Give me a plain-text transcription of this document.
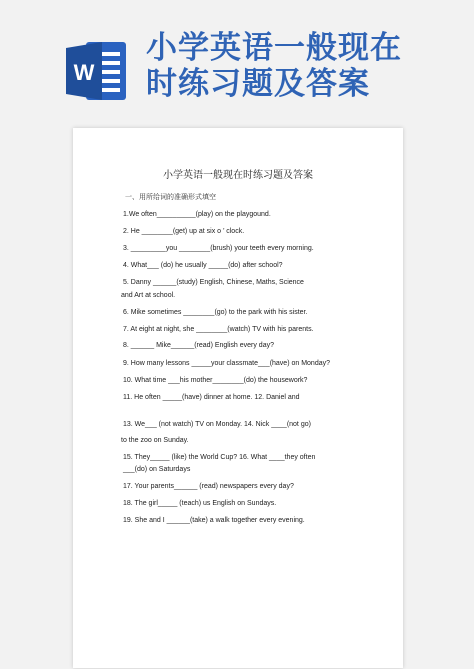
W
小学英语一般现在
时练习题及答案
小学英语一般现在时练习题及答案
一、用所给词的准确形式填空
1.We often__________(play) on the playgound.
2. He ________(get) up at six o ’ clock.
3. _________you ________(brush) your teeth every morning.
4. What___ (do) he usually _____(do) after school?
5. Danny ______(study) English, Chinese, Maths, Science
and Art at school.
6. Mike sometimes ________(go) to the park with his sister.
7. At eight at night, she ________(watch) TV with his parents.
8. ______ Mike______(read) English every day?
9. How many lessons _____your classmate___(have) on Monday?
10. What time ___his mother________(do) the housework?
11. He often _____(have) dinner at home. 12. Daniel and
13. We___ (not watch) TV on Monday. 14. Nick ____(not go)
to the zoo on Sunday.
15. They_____ (like) the World Cup? 16. What ____they often
___(do) on Saturdays
17. Your parents______ (read) newspapers every day?
18. The girl_____ (teach) us English on Sundays.
19. She and I ______(take) a walk together every evening.
